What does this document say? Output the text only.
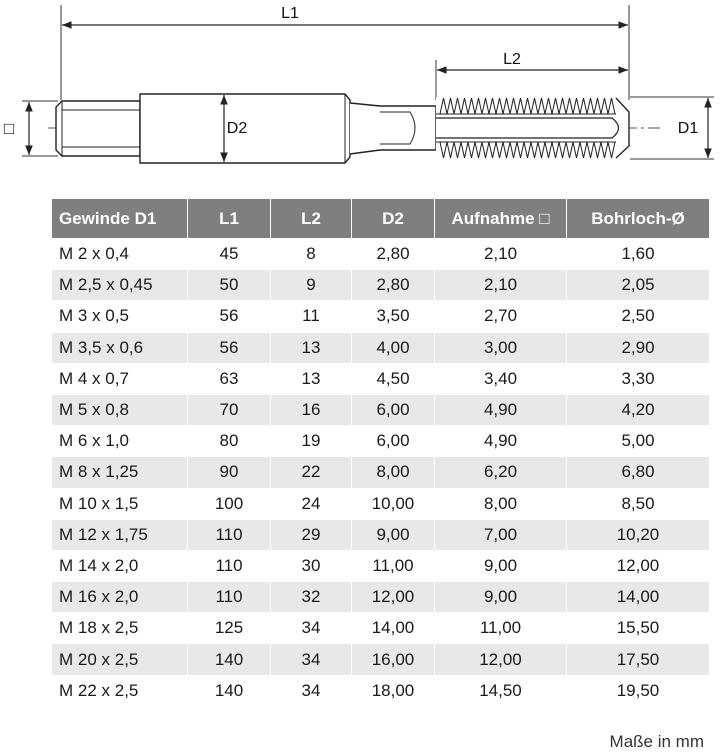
L1
L2
D2	D1
□
Gewinde D1	L1	L2	D2	Aufnahme □	Bohrloch-Ø
M 2 x 0,4	45	8	2,80	2,10	1,60
M 2,5 x 0,45	50	9	2,80	2,10	2,05
M 3 x 0,5	56	11	3,50	2,70	2,50
M 3,5 x 0,6	56	13	4,00	3,00	2,90
M 4 x 0,7	63	13	4,50	3,40	3,30
M 5 x 0,8	70	16	6,00	4,90	4,20
M 6 x 1,0	80	19	6,00	4,90	5,00
M 8 x 1,25	90	22	8,00	6,20	6,80
M 10 x 1,5	100	24	10,00	8,00	8,50
M 12 x 1,75	110	29	9,00	7,00	10,20
M 14 x 2,0	110	30	11,00	9,00	12,00
M 16 x 2,0	110	32	12,00	9,00	14,00
M 18 x 2,5	125	34	14,00	11,00	15,50
M 20 x 2,5	140	34	16,00	12,00	17,50
M 22 x 2,5	140	34	18,00	14,50	19,50
Maße in mm
